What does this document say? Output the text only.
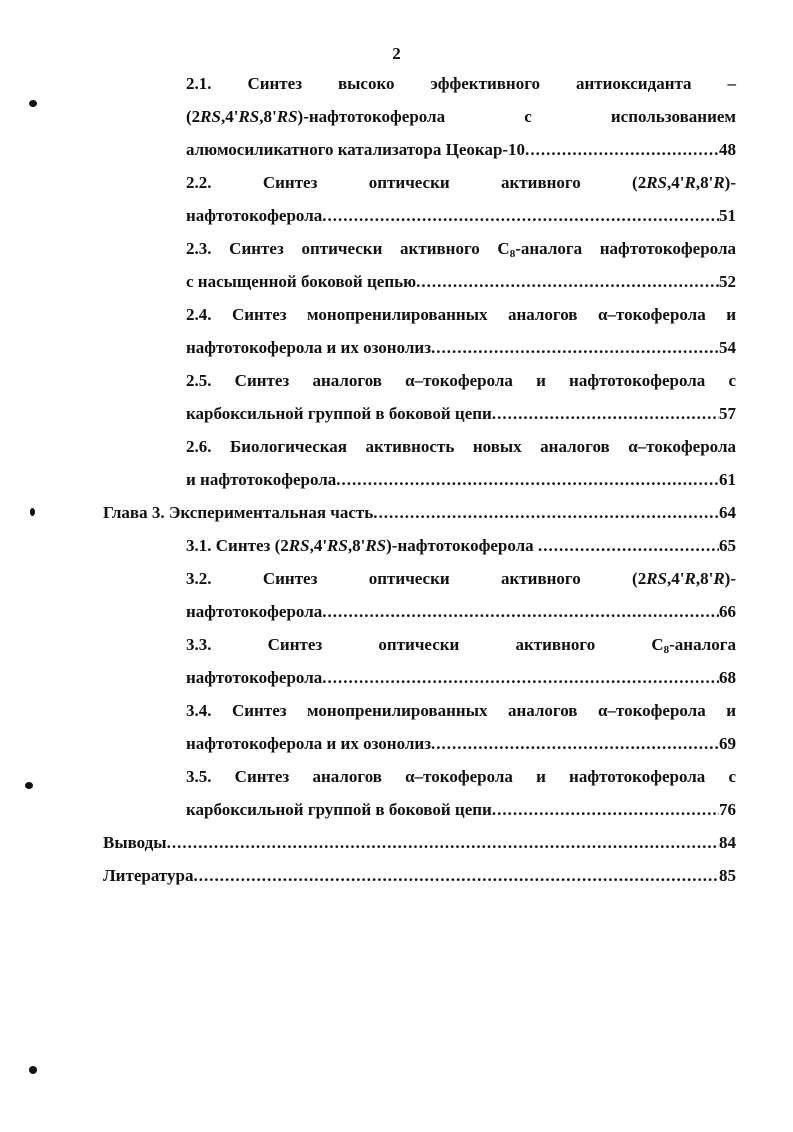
2
2.1. Синтез высоко эффективного антиоксиданта –
(2RS,4'RS,8'RS)-нафтотокоферола с использованием
алюмосиликатного катализатора Цеокар-10 .....	48
2.2. Синтез оптически активного (2RS,4'R,8'R)-
нафтотокоферола .....	51
2.3. Синтез оптически активного $C_8$-аналога нафтотокоферола
с насыщенной боковой цепью .....	52
2.4. Синтез монопренилированных аналогов α–токоферола и
нафтотокоферола и их озонолиз .....	54
2.5. Синтез аналогов α–токоферола и нафтотокоферола с
карбоксильной группой в боковой цепи .....	57
2.6. Биологическая активность новых аналогов α–токоферола
и нафтотокоферола .....	61
Глава 3. Экспериментальная часть .....	64
3.1. Синтез (2RS,4'RS,8'RS)-нафтотокоферола .....	65
3.2. Синтез оптически активного (2RS,4'R,8'R)-
нафтотокоферола .....	66
3.3. Синтез оптически активного $C_8$-аналога
нафтотокоферола .....	68
3.4. Синтез монопренилированных аналогов α–токоферола и
нафтотокоферола и их озонолиз .....	69
3.5. Синтез аналогов α–токоферола и нафтотокоферола с
карбоксильной группой в боковой цепи .....	76
Выводы .....	84
Литература .....	85
